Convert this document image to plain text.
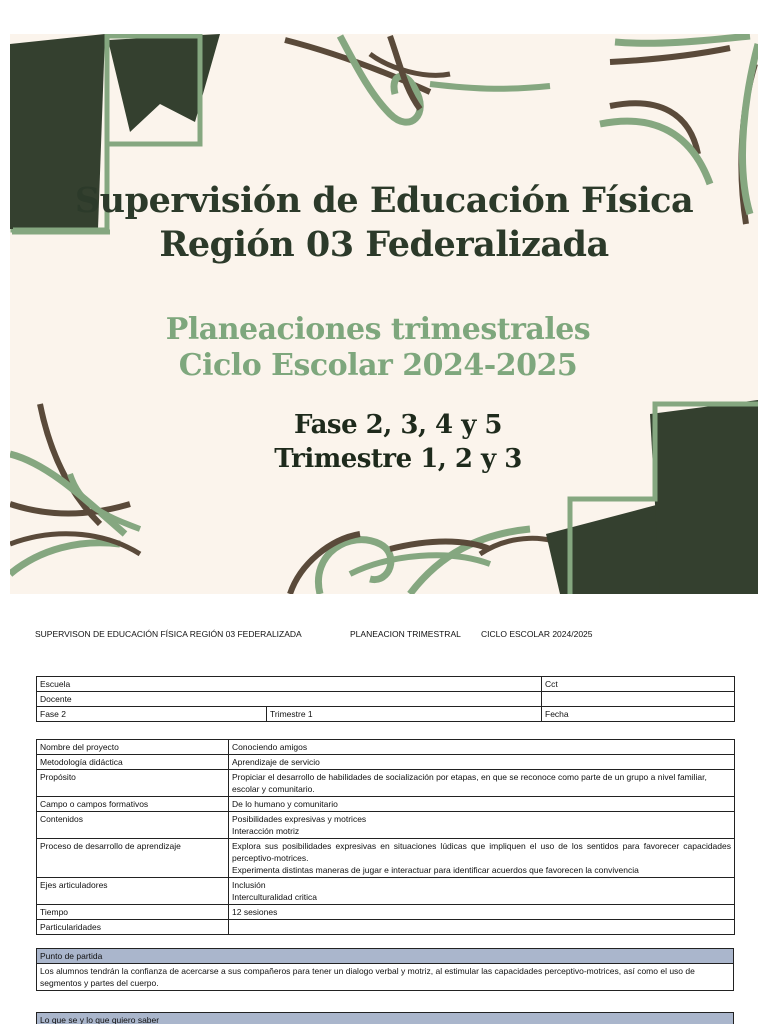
Supervisión de Educación Física
Región 03 Federalizada
Planeaciones trimestrales
Ciclo Escolar 2024-2025
Fase 2, 3, 4 y 5
Trimestre 1, 2 y 3
SUPERVISON DE EDUCACIÓN FÍSICA REGIÓN 03 FEDERALIZADA	PLANEACION TRIMESTRAL CICLO ESCOLAR 2024/2025
Escuela		Cct
Docente		
Fase 2	Trimestre 1	Fecha
Nombre del proyecto	Conociendo amigos
Metodología didáctica	Aprendizaje de servicio
Propósito	Propiciar el desarrollo de habilidades de socialización por etapas, en que se reconoce como parte de un grupo a nivel familiar, escolar y comunitario.
Campo o campos formativos	De lo humano y comunitario
Contenidos	Posibilidades expresivas y motrices
Interacción motriz

Proceso de desarrollo de aprendizaje	Explora sus posibilidades expresivas en situaciones lúdicas que impliquen el uso de los sentidos para favorecer capacidades perceptivo-motrices.
Experimenta distintas maneras de jugar e interactuar para identificar acuerdos que favorecen la convivencia

Ejes articuladores	Inclusión
Interculturalidad critica

Tiempo	12 sesiones
Particularidades	
Punto de partida
Los alumnos tendrán la confianza de acercarse a sus compañeros para tener un dialogo verbal y motriz, al estimular las capacidades perceptivo-motrices, así como el uso de segmentos y partes del cuerpo.
Lo que se y lo que quiero saber
